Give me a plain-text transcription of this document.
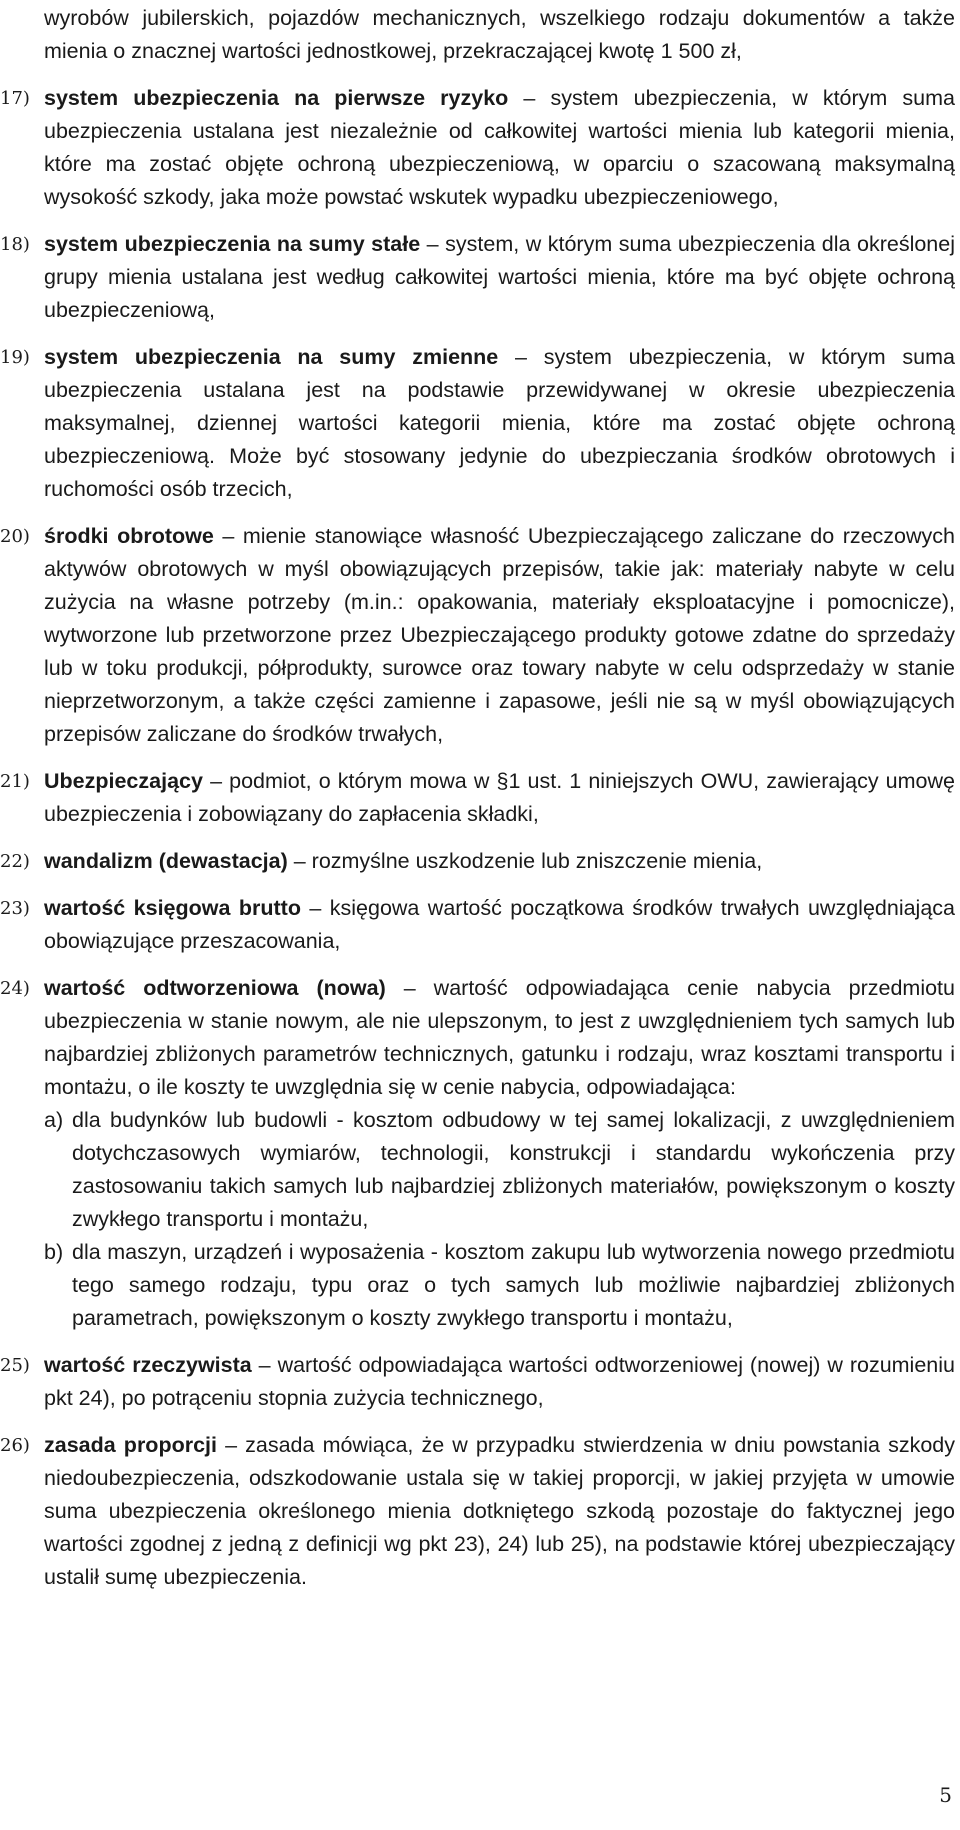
wyrobów jubilerskich, pojazdów mechanicznych, wszelkiego rodzaju dokumentów a także mienia o znacznej wartości jednostkowej, przekraczającej kwotę 1 500 zł,

17) system ubezpieczenia na pierwsze ryzyko – system ubezpieczenia, w którym suma ubezpieczenia ustalana jest niezależnie od całkowitej wartości mienia lub kategorii mienia, które ma zostać objęte ochroną ubezpieczeniową, w oparciu o szacowaną maksymalną wysokość szkody, jaka może powstać wskutek wypadku ubezpieczeniowego,
18) system ubezpieczenia na sumy stałe – system, w którym suma ubezpieczenia dla określonej grupy mienia ustalana jest według całkowitej wartości mienia, które ma być objęte ochroną ubezpieczeniową,
19) system ubezpieczenia na sumy zmienne – system ubezpieczenia, w którym suma ubezpieczenia ustalana jest na podstawie przewidywanej w okresie ubezpieczenia maksymalnej, dziennej wartości kategorii mienia, które ma zostać objęte ochroną ubezpieczeniową. Może być stosowany jedynie do ubezpieczania środków obrotowych i ruchomości osób trzecich,
20) środki obrotowe – mienie stanowiące własność Ubezpieczającego zaliczane do rzeczowych aktywów obrotowych w myśl obowiązujących przepisów, takie jak: materiały nabyte w celu zużycia na własne potrzeby (m.in.: opakowania, materiały eksploatacyjne i pomocnicze), wytworzone lub przetworzone przez Ubezpieczającego produkty gotowe zdatne do sprzedaży lub w toku produkcji, półprodukty, surowce oraz towary nabyte w celu odsprzedaży w stanie nieprzetworzonym, a także części zamienne i zapasowe, jeśli nie są w myśl obowiązujących przepisów zaliczane do środków trwałych,
21) Ubezpieczający – podmiot, o którym mowa w §1 ust. 1 niniejszych OWU, zawierający umowę ubezpieczenia i zobowiązany do zapłacenia składki,
22) wandalizm (dewastacja) – rozmyślne uszkodzenie lub zniszczenie mienia,
23) wartość księgowa brutto – księgowa wartość początkowa środków trwałych uwzględniająca obowiązujące przeszacowania,
24) wartość odtworzeniowa (nowa) – wartość odpowiadająca cenie nabycia przedmiotu ubezpieczenia w stanie nowym, ale nie ulepszonym, to jest z uwzględnieniem tych samych lub najbardziej zbliżonych parametrów technicznych, gatunku i rodzaju, wraz kosztami transportu i montażu, o ile koszty te uwzględnia się w cenie nabycia, odpowiadająca:
a) dla budynków lub budowli - kosztom odbudowy w tej samej lokalizacji, z uwzględnieniem dotychczasowych wymiarów, technologii, konstrukcji i standardu wykończenia przy zastosowaniu takich samych lub najbardziej zbliżonych materiałów, powiększonym o koszty zwykłego transportu i montażu,
b) dla maszyn, urządzeń i wyposażenia - kosztom zakupu lub wytworzenia nowego przedmiotu tego samego rodzaju, typu oraz o tych samych lub możliwie najbardziej zbliżonych parametrach, powiększonym o koszty zwykłego transportu i montażu,
25) wartość rzeczywista – wartość odpowiadająca wartości odtworzeniowej (nowej) w rozumieniu pkt 24), po potrąceniu stopnia zużycia technicznego,
26) zasada proporcji – zasada mówiąca, że w przypadku stwierdzenia w dniu powstania szkody niedoubezpieczenia, odszkodowanie ustala się w takiej proporcji, w jakiej przyjęta w umowie suma ubezpieczenia określonego mienia dotkniętego szkodą pozostaje do faktycznej jego wartości zgodnej z jedną z definicji wg pkt 23), 24) lub 25), na podstawie której ubezpieczający ustalił sumę ubezpieczenia.
5
